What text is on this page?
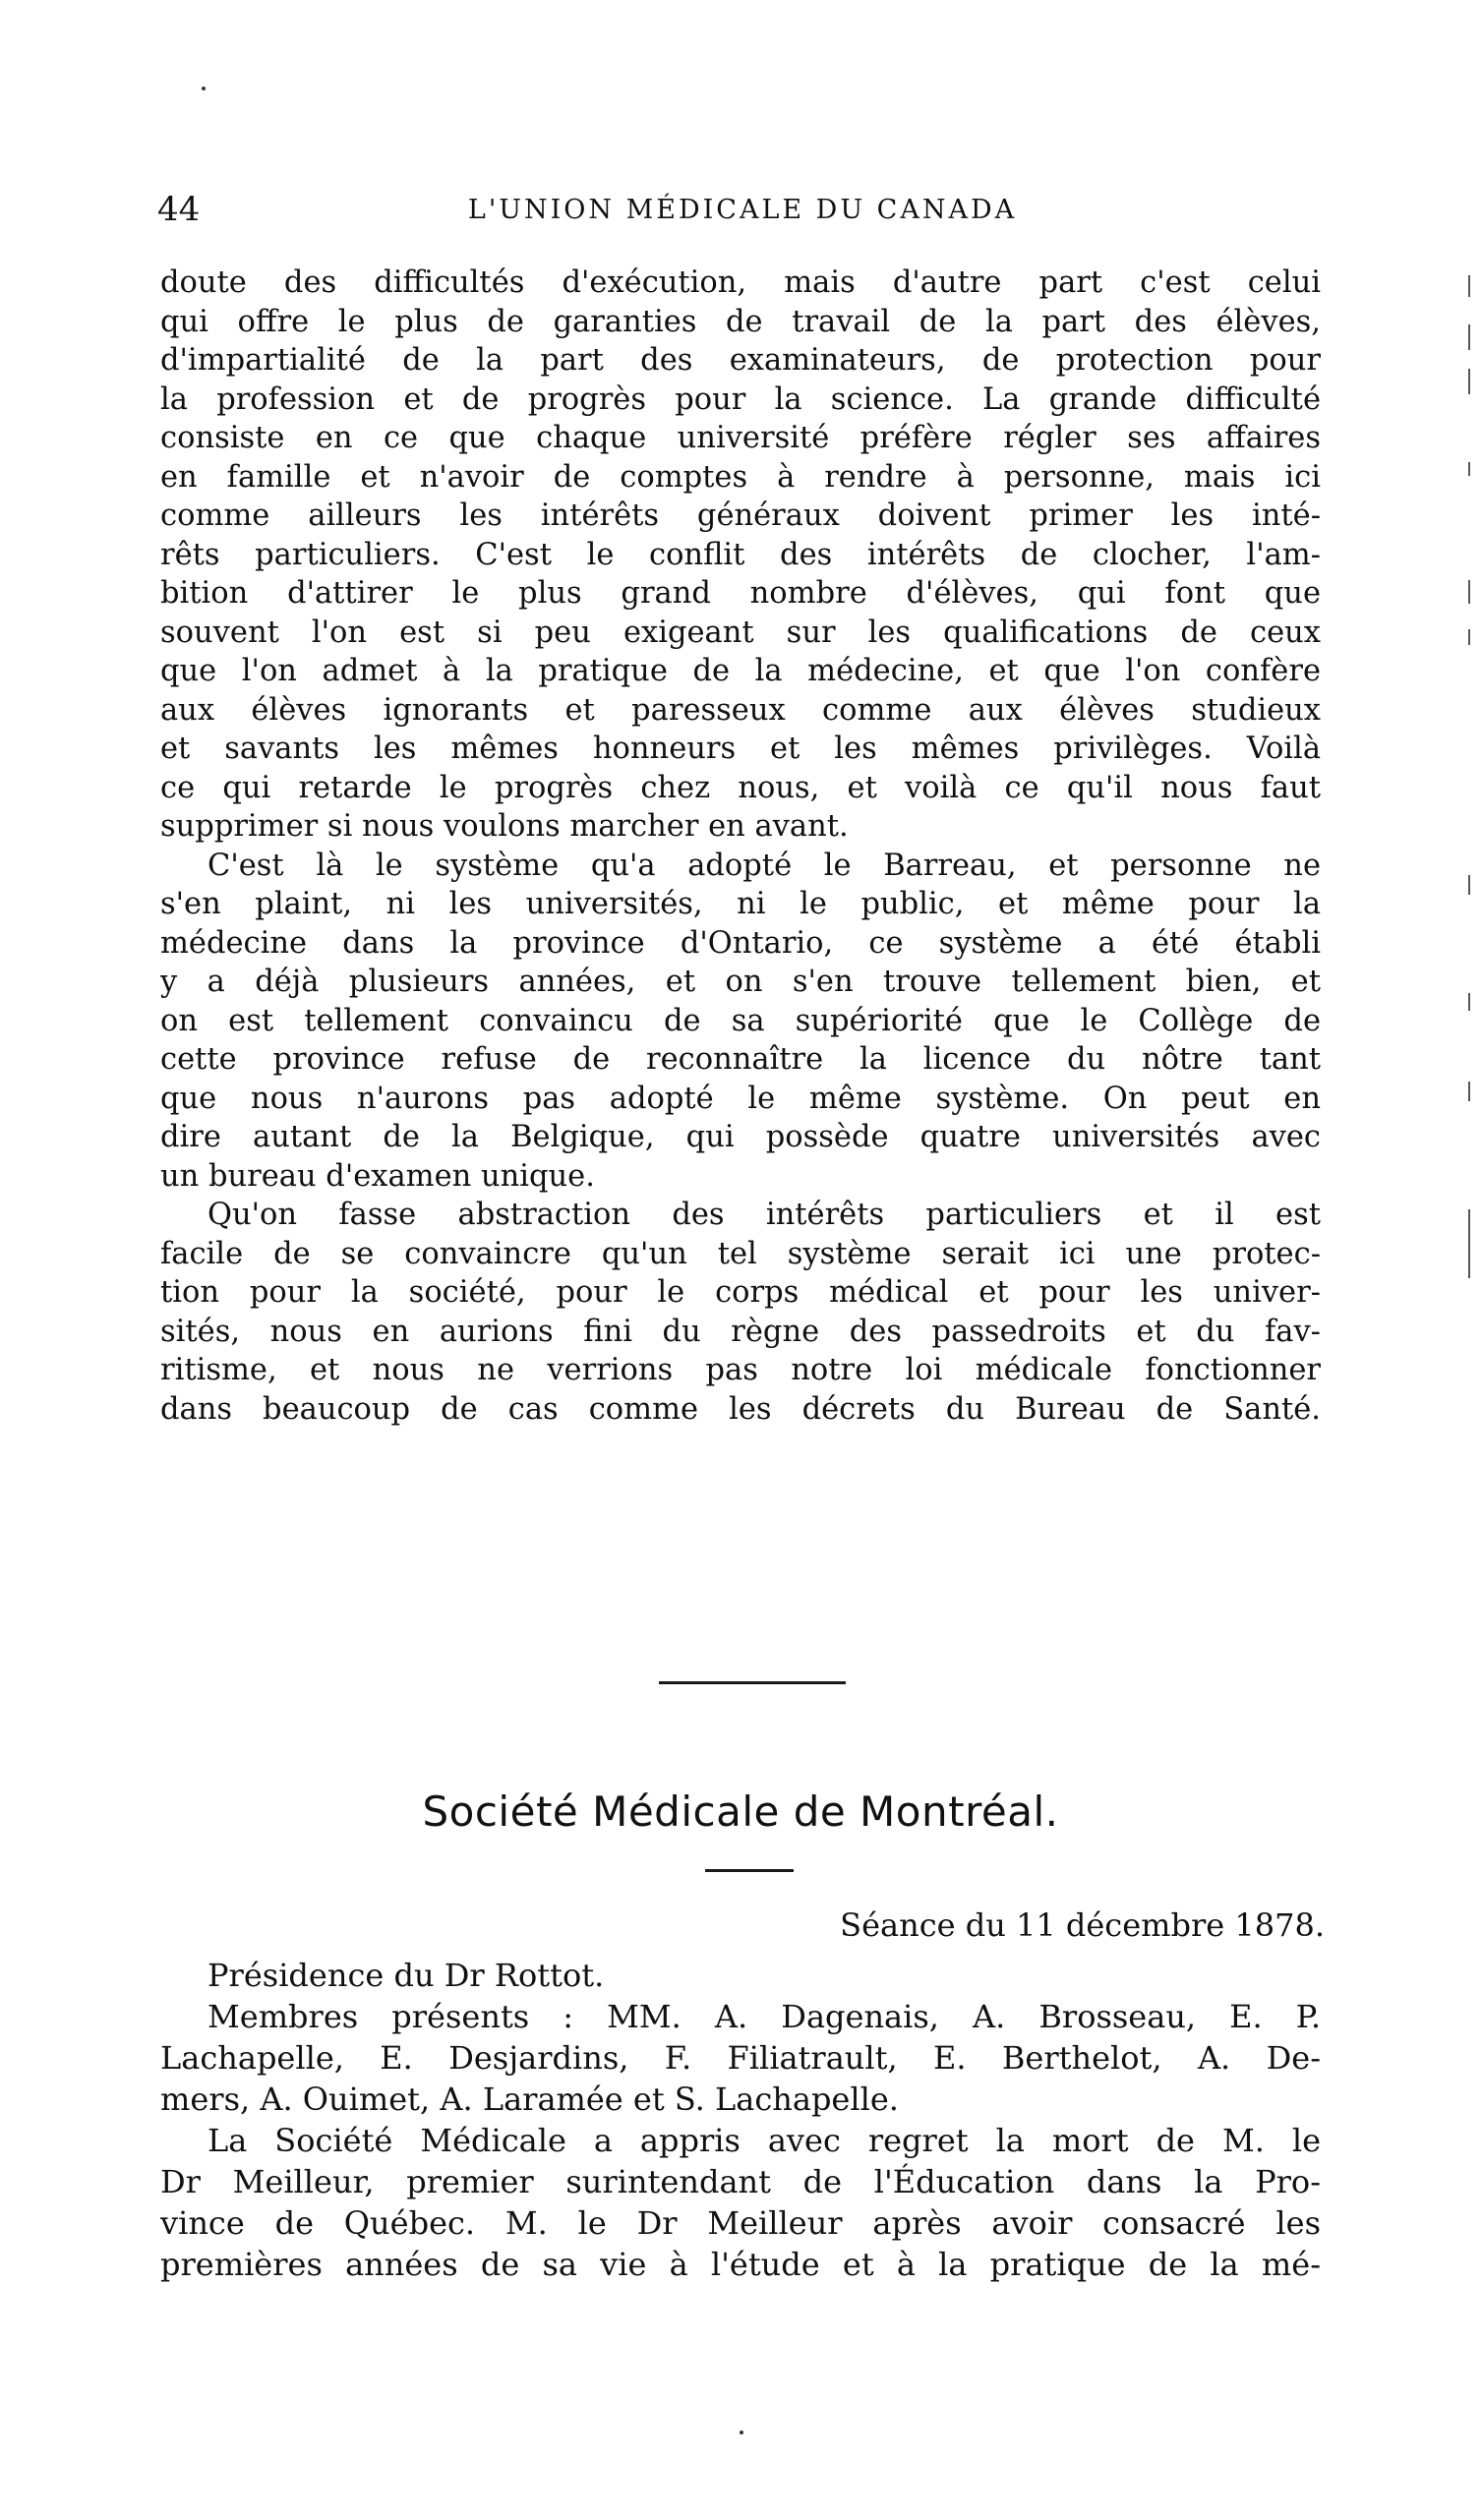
44	L'UNION MÉDICALE DU CANADA

doute des difficultés d'exécution, mais d'autre part c'est celui
qui offre le plus de garanties de travail de la part des élèves,
d'impartialité de la part des examinateurs, de protection pour
la profession et de progrès pour la science. La grande difficulté
consiste en ce que chaque université préfère régler ses affaires
en famille et n'avoir de comptes à rendre à personne, mais ici
comme ailleurs les intérêts généraux doivent primer les inté-
rêts particuliers. C'est le conflit des intérêts de clocher, l'am-
bition d'attirer le plus grand nombre d'élèves, qui font que
souvent l'on est si peu exigeant sur les qualifications de ceux
que l'on admet à la pratique de la médecine, et que l'on confère
aux élèves ignorants et paresseux comme aux élèves studieux
et savants les mêmes honneurs et les mêmes privilèges. Voilà
ce qui retarde le progrès chez nous, et voilà ce qu'il nous faut
supprimer si nous voulons marcher en avant.

C'est là le système qu'a adopté le Barreau, et personne ne
s'en plaint, ni les universités, ni le public, et même pour la
médecine dans la province d'Ontario, ce système a été établi
y a déjà plusieurs années, et on s'en trouve tellement bien, et
on est tellement convaincu de sa supériorité que le Collège de
cette province refuse de reconnaître la licence du nôtre tant
que nous n'aurons pas adopté le même système. On peut en
dire autant de la Belgique, qui possède quatre universités avec
un bureau d'examen unique.

Qu'on fasse abstraction des intérêts particuliers et il est
facile de se convaincre qu'un tel système serait ici une protec-
tion pour la société, pour le corps médical et pour les univer-
sités, nous en aurions fini du règne des passedroits et du fav-
ritisme, et nous ne verrions pas notre loi médicale fonctionner
dans beaucoup de cas comme les décrets du Bureau de Santé.

Société Médicale de Montréal.
Séance du 11 décembre 1878.
Présidence du Dr Rottot.
Membres présents : MM. A. Dagenais, A. Brosseau, E. P.
Lachapelle, E. Desjardins, F. Filiatrault, E. Berthelot, A. De-
mers, A. Ouimet, A. Laramée et S. Lachapelle.
La Société Médicale a appris avec regret la mort de M. le
Dr Meilleur, premier surintendant de l'Éducation dans la Pro-
vince de Québec. M. le Dr Meilleur après avoir consacré les
premières années de sa vie à l'étude et à la pratique de la mé-
